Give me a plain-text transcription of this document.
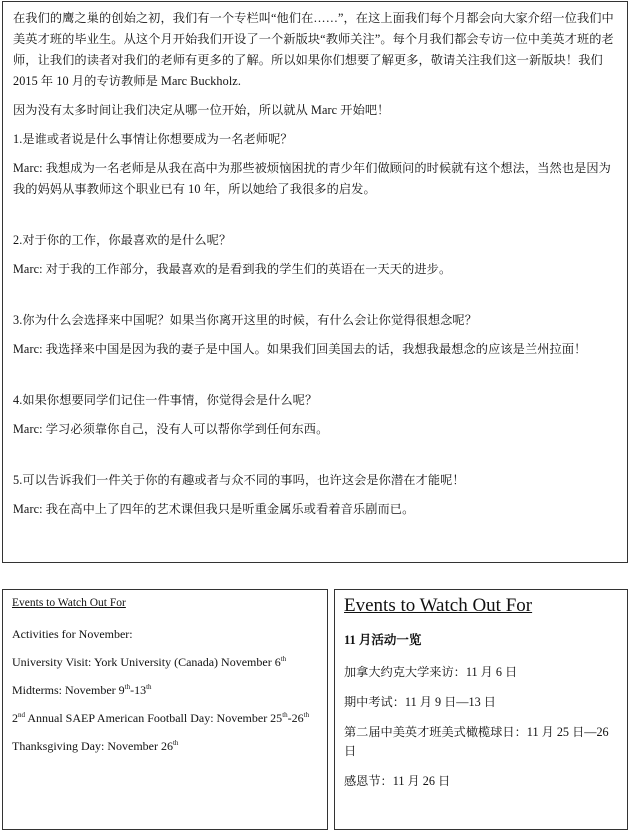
在我们的鹰之巢的创始之初，我们有一个专栏叫“他们在……”，在这上面我们每个月都会向大家介绍一位我们中美英才班的毕业生。从这个月开始我们开设了一个新版块“教师关注”。每个月我们都会专访一位中美英才班的老师，让我们的读者对我们的老师有更多的了解。所以如果你们想要了解更多，敬请关注我们这一新版块！我们 2015 年 10 月的专访教师是 Marc Buckholz.

因为没有太多时间让我们决定从哪一位开始，所以就从 Marc 开始吧！

1.是谁或者说是什么事情让你想要成为一名老师呢？

Marc: 我想成为一名老师是从我在高中为那些被烦恼困扰的青少年们做顾问的时候就有这个想法，当然也是因为我的妈妈从事教师这个职业已有 10 年，所以她给了我很多的启发。

2.对于你的工作，你最喜欢的是什么呢？

Marc: 对于我的工作部分，我最喜欢的是看到我的学生们的英语在一天天的进步。

3.你为什么会选择来中国呢？如果当你离开这里的时候，有什么会让你觉得很想念呢？

Marc: 我选择来中国是因为我的妻子是中国人。如果我们回美国去的话，我想我最想念的应该是兰州拉面！

4.如果你想要同学们记住一件事情，你觉得会是什么呢？

Marc: 学习必须靠你自己，没有人可以帮你学到任何东西。

5.可以告诉我们一件关于你的有趣或者与众不同的事吗，也许这会是你潜在才能呢！

Marc: 我在高中上了四年的艺术课但我只是听重金属乐或看着音乐剧而已。

Events to Watch Out For

Activities for November:

University Visit: York University (Canada) November 6th

Midterms: November 9th-13th

2nd Annual SAEP American Football Day: November 25th-26th

Thanksgiving Day: November 26th

Events to Watch Out For

11 月活动一览

加拿大约克大学来访：11 月 6 日

期中考试：11 月 9 日—13 日

第二届中美英才班美式橄榄球日：11 月 25 日—26 日

感恩节：11 月 26 日
